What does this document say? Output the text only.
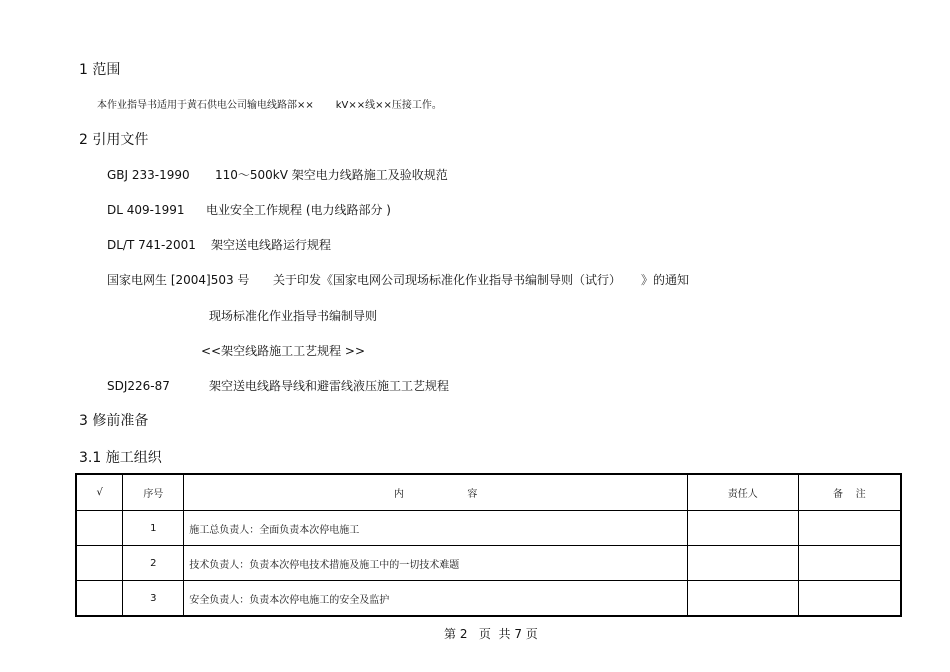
1 范围
本作业指导书适用于黄石供电公司输电线路部×× kV××线××压接工作。
2 引用文件
GBJ 233-1990 110～500kV 架空电力线路施工及验收规范
DL 409-1991 电业安全工作规程 (电力线路部分 )
DL/T 741-2001 架空送电线路运行规程
国家电网生 [2004]503 号 关于印发《国家电网公司现场标准化作业指导书编制导则（试行） 》的通知
现场标准化作业指导书编制导则
<<架空线路施工工艺规程 >>
SDJ226-87	架空送电线路导线和避雷线液压施工工艺规程
3 修前准备
3.1 施工组织
√	序号	内                    容	责任人	备    注
	1	施工总负责人：全面负责本次停电施工		
	2	技术负责人：负责本次停电技术措施及施工中的一切技术难题		
	3	安全负责人：负责本次停电施工的安全及监护		
第 2   页  共 7 页
